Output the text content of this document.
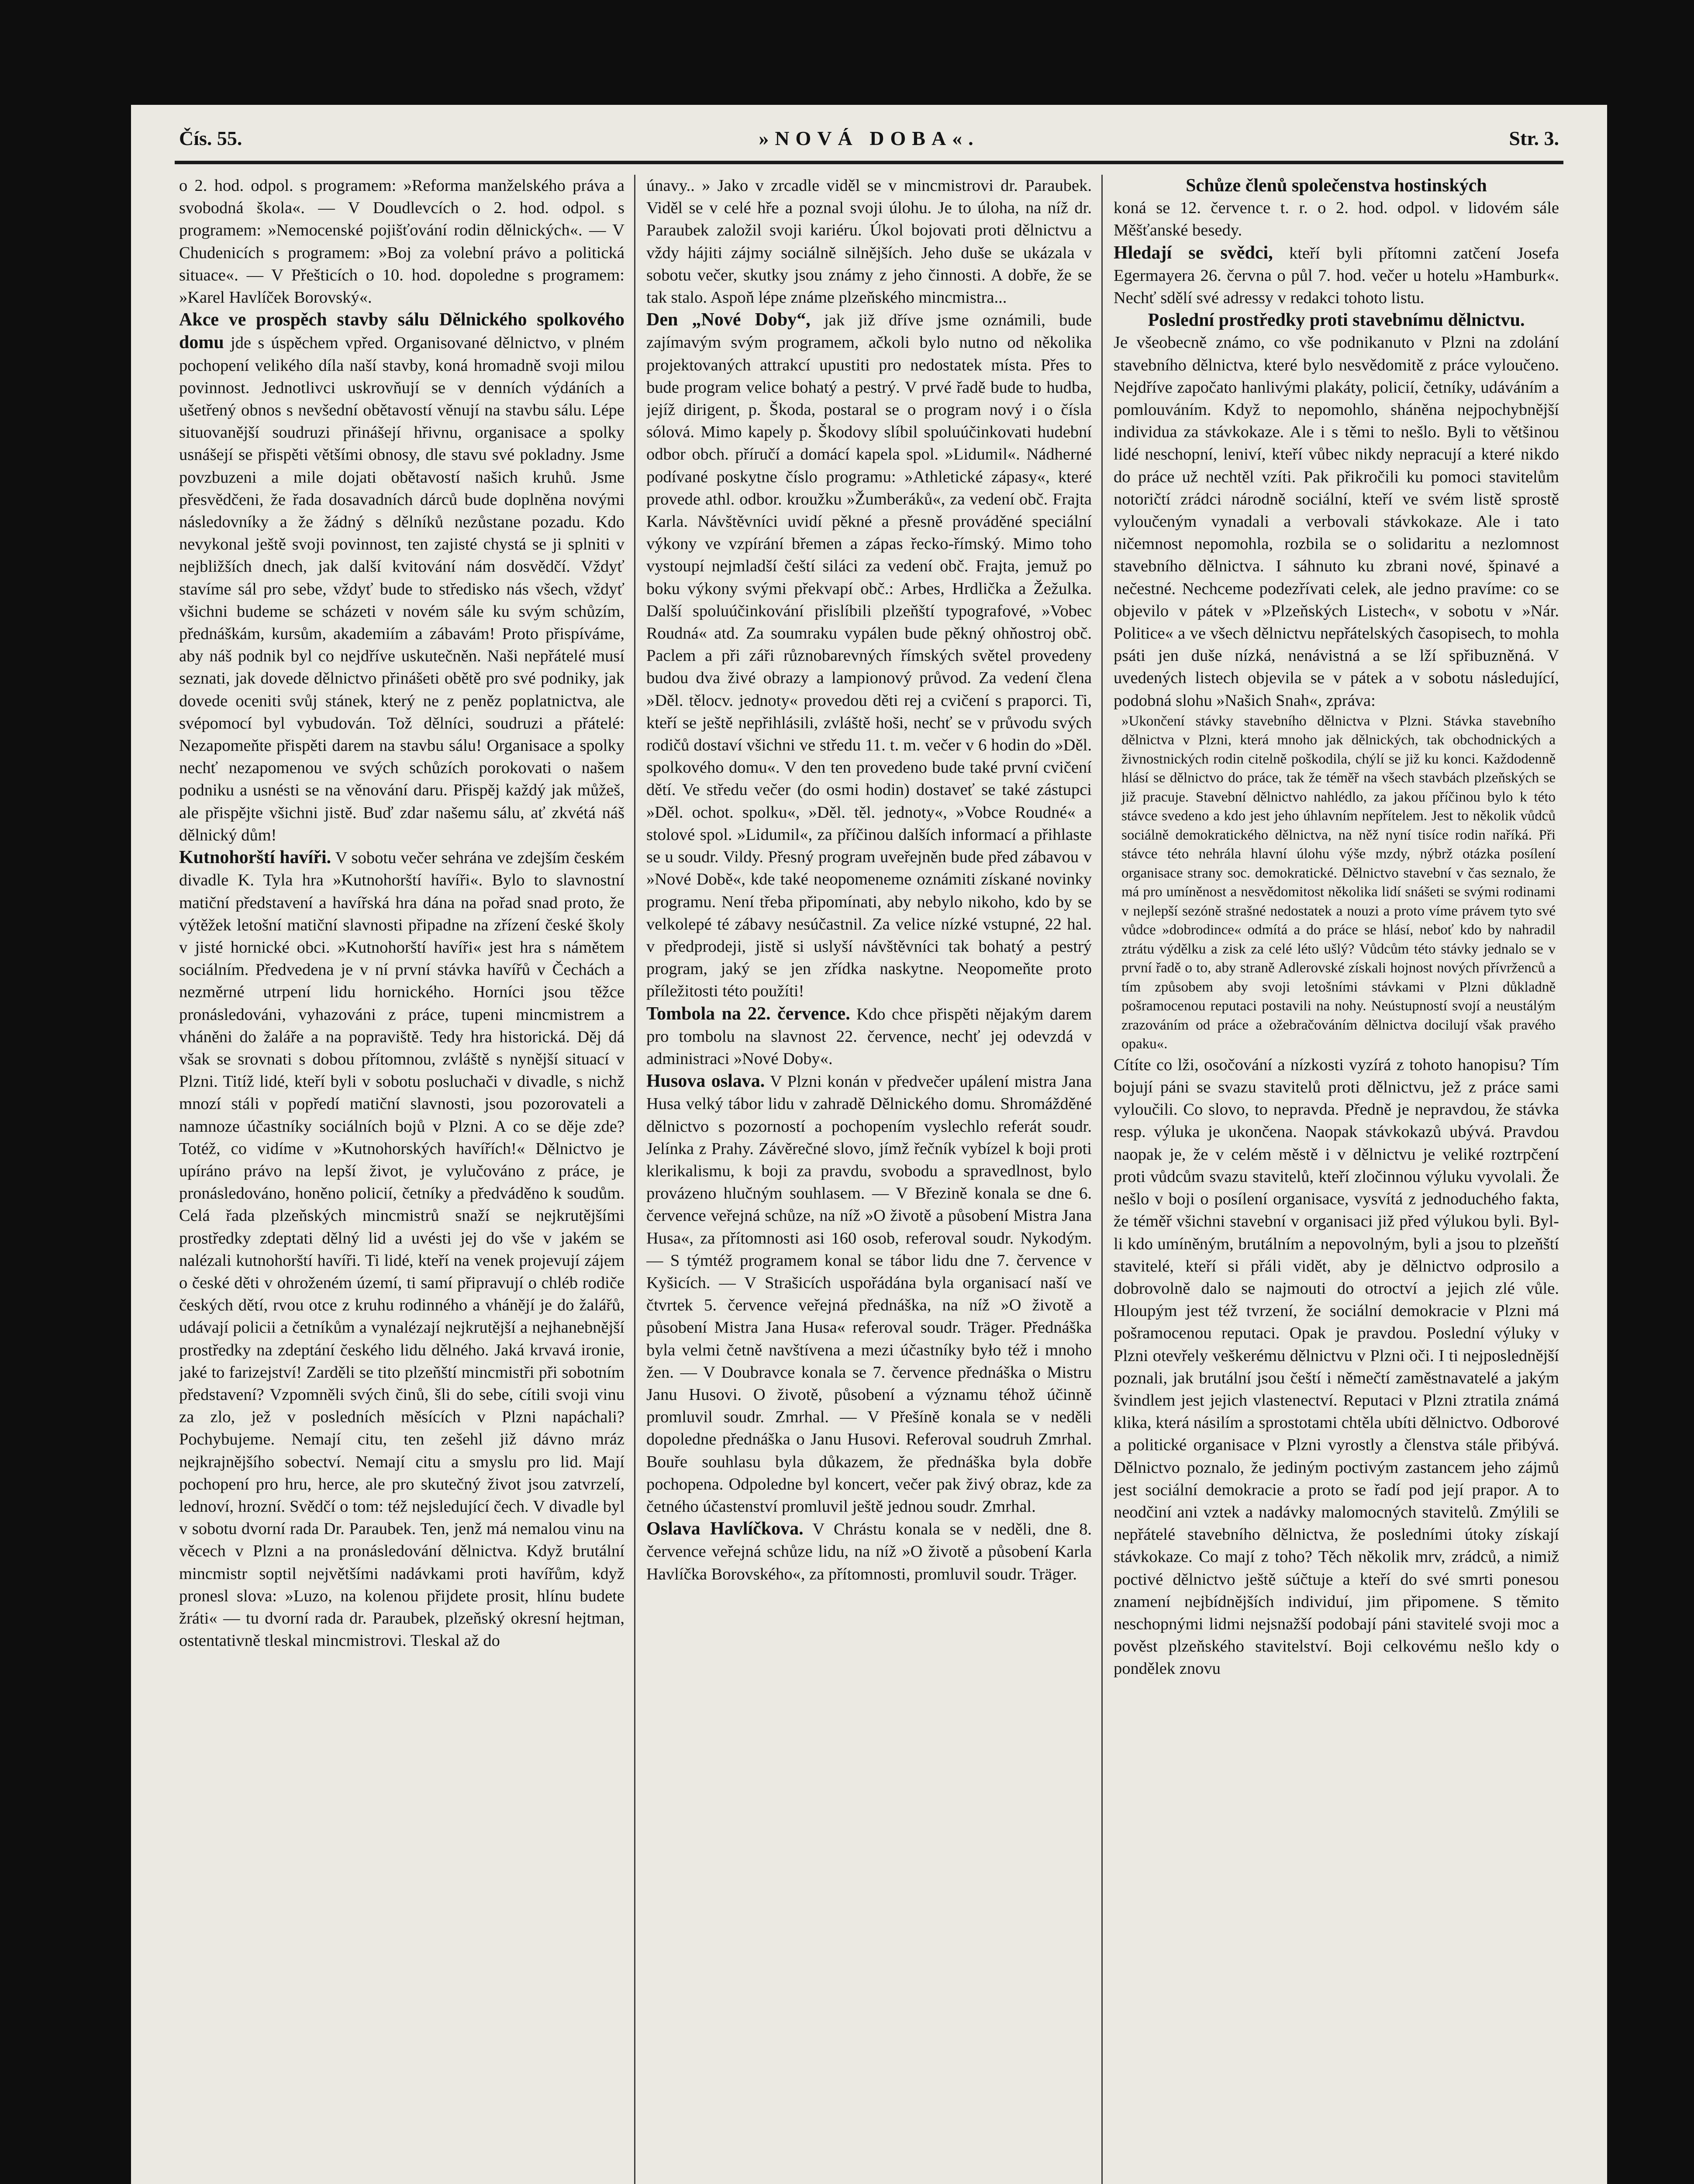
Čís. 55.	»NOVÁ DOBA«.	Str. 3.

o 2. hod. odpol. s programem: »Reforma manželského práva a svobodná škola«. — V Doudlevcích o 2. hod. odpol. s programem: »Nemocenské pojišťování rodin dělnických«. — V Chudenicích s programem: »Boj za volební právo a politická situace«. — V Přešticích o 10. hod. dopoledne s programem: »Karel Havlíček Borovský«.

Akce ve prospěch stavby sálu Dělnického spolkového domu jde s úspěchem vpřed. Organisované dělnictvo, v plném pochopení velikého díla naší stavby, koná hromadně svoji milou povinnost. Jednotlivci uskrovňují se v denních výdáních a ušetřený obnos s nevšední obětavostí věnují na stavbu sálu. Lépe situovanější soudruzi přinášejí hřivnu, organisace a spolky usnášejí se přispěti většími obnosy, dle stavu své pokladny. Jsme povzbuzeni a mile dojati obětavostí našich kruhů. Jsme přesvědčeni, že řada dosavadních dárců bude doplněna novými následovníky a že žádný s dělníků nezůstane pozadu. Kdo nevykonal ještě svoji povinnost, ten zajisté chystá se ji splniti v nejbližších dnech, jak další kvitování nám dosvědčí. Vždyť stavíme sál pro sebe, vždyť bude to středisko nás všech, vždyť všichni budeme se scházeti v novém sále ku svým schůzím, přednáškám, kursům, akademiím a zábavám! Proto přispíváme, aby náš podnik byl co nejdříve uskutečněn. Naši nepřátelé musí seznati, jak dovede dělnictvo přinášeti obětě pro své podniky, jak dovede oceniti svůj stánek, který ne z peněz poplatnictva, ale svépomocí byl vybudován. Tož dělníci, soudruzi a přátelé: Nezapomeňte přispěti darem na stavbu sálu! Organisace a spolky nechť nezapomenou ve svých schůzích porokovati o našem podniku a usnésti se na věnování daru. Přispěj každý jak můžeš, ale přispějte všichni jistě. Buď zdar našemu sálu, ať zkvétá náš dělnický dům!

Kutnohorští havíři. V sobotu večer sehrána ve zdejším českém divadle K. Tyla hra »Kutnohorští havíři«. Bylo to slavnostní matiční představení a havířská hra dána na pořad snad proto, že výtěžek letošní matiční slavnosti připadne na zřízení české školy v jisté hornické obci. »Kutnohorští havíři« jest hra s námětem sociálním. Předvedena je v ní první stávka havířů v Čechách a nezměrné utrpení lidu hornického. Horníci jsou těžce pronásledováni, vyhazováni z práce, tupeni mincmistrem a vháněni do žaláře a na popraviště. Tedy hra historická. Děj dá však se srovnati s dobou přítomnou, zvláště s nynější situací v Plzni. Titíž lidé, kteří byli v sobotu posluchači v divadle, s nichž mnozí stáli v popředí matiční slavnosti, jsou pozorovateli a namnoze účastníky sociálních bojů v Plzni. A co se děje zde? Totéž, co vidíme v »Kutnohorských havířích!« Dělnictvo je upíráno právo na lepší život, je vylučováno z práce, je pronásledováno, honěno policií, četníky a předváděno k soudům. Celá řada plzeňských mincmistrů snaží se nejkrutějšími prostředky zdeptati dělný lid a uvésti jej do vše v jakém se nalézali kutnohorští havíři. Ti lidé, kteří na venek projevují zájem o české děti v ohroženém území, ti samí připravují o chléb rodiče českých dětí, rvou otce z kruhu rodinného a vhánějí je do žalářů, udávají policii a četníkům a vynalézají nejkrutější a nejhanebnější prostředky na zdeptání českého lidu dělného. Jaká krvavá ironie, jaké to farizejství! Zarděli se tito plzeňští mincmistři při sobotním představení? Vzpomněli svých činů, šli do sebe, cítili svoji vinu za zlo, jež v posledních měsících v Plzni napáchali? Pochybujeme. Nemají citu, ten zešehl již dávno mráz nejkrajnějšího sobectví. Nemají citu a smyslu pro lid. Mají pochopení pro hru, herce, ale pro skutečný život jsou zatvrzelí, lednoví, hrozní. Svědčí o tom: též nejsledující čech. V divadle byl v sobotu dvorní rada Dr. Paraubek. Ten, jenž má nemalou vinu na věcech v Plzni a na pronásledování dělnictva. Když brutální mincmistr soptil největšími nadávkami proti havířům, když pronesl slova: »Luzo, na kolenou přijdete prosit, hlínu budete žráti« — tu dvorní rada dr. Paraubek, plzeňský okresní hejtman, ostentativně tleskal mincmistrovi. Tleskal až do

únavy.. » Jako v zrcadle viděl se v mincmistrovi dr. Paraubek. Viděl se v celé hře a poznal svoji úlohu. Je to úloha, na níž dr. Paraubek založil svoji kariéru. Úkol bojovati proti dělnictvu a vždy hájiti zájmy sociálně silnějších. Jeho duše se ukázala v sobotu večer, skutky jsou známy z jeho činnosti. A dobře, že se tak stalo. Aspoň lépe známe plzeňského mincmistra...

Den „Nové Doby“, jak již dříve jsme oznámili, bude zajímavým svým programem, ačkoli bylo nutno od několika projektovaných attrakcí upustiti pro nedostatek místa. Přes to bude program velice bohatý a pestrý. V prvé řadě bude to hudba, jejíž dirigent, p. Škoda, postaral se o program nový i o čísla sólová. Mimo kapely p. Škodovy slíbil spoluúčinkovati hudební odbor obch. příručí a domácí kapela spol. »Lidumil«. Nádherné podívané poskytne číslo programu: »Athletické zápasy«, které provede athl. odbor. kroužku »Žumberáků«, za vedení obč. Frajta Karla. Návštěvníci uvidí pěkné a přesně prováděné speciální výkony ve vzpírání břemen a zápas řecko-římský. Mimo toho vystoupí nejmladší čeští siláci za vedení obč. Frajta, jemuž po boku výkony svými překvapí obč.: Arbes, Hrdlička a Žežulka. Další spoluúčinkování přislíbili plzeňští typografové, »Vobec Roudná« atd. Za soumraku vypálen bude pěkný ohňostroj obč. Paclem a při záři různobarevných římských světel provedeny budou dva živé obrazy a lampionový průvod. Za vedení člena »Děl. tělocv. jednoty« provedou děti rej a cvičení s praporci. Ti, kteří se ještě nepřihlásili, zvláště hoši, nechť se v průvodu svých rodičů dostaví všichni ve středu 11. t. m. večer v 6 hodin do »Děl. spolkového domu«. V den ten provedeno bude také první cvičení dětí. Ve středu večer (do osmi hodin) dostaveť se také zástupci »Děl. ochot. spolku«, »Děl. těl. jednoty«, »Vobce Roudné« a stolové spol. »Lidumil«, za příčinou dalších informací a přihlaste se u soudr. Vildy. Přesný program uveřejněn bude před zábavou v »Nové Době«, kde také neopomeneme oznámiti získané novinky programu. Není třeba připomínati, aby nebylo nikoho, kdo by se velkolepé té zábavy nesúčastnil. Za velice nízké vstupné, 22 hal. v předprodeji, jistě si uslyší návštěvníci tak bohatý a pestrý program, jaký se jen zřídka naskytne. Neopomeňte proto příležitosti této použíti!

Tombola na 22. července. Kdo chce přispěti nějakým darem pro tombolu na slavnost 22. července, nechť jej odevzdá v administraci »Nové Doby«.

Husova oslava. V Plzni konán v předvečer upálení mistra Jana Husa velký tábor lidu v zahradě Dělnického domu. Shromážděné dělnictvo s pozorností a pochopením vyslechlo referát soudr. Jelínka z Prahy. Závěrečné slovo, jímž řečník vybízel k boji proti klerikalismu, k boji za pravdu, svobodu a spravedlnost, bylo provázeno hlučným souhlasem. — V Březině konala se dne 6. července veřejná schůze, na níž »O životě a působení Mistra Jana Husa«, za přítomnosti asi 160 osob, referoval soudr. Nykodým. — S týmtéž programem konal se tábor lidu dne 7. července v Kyšicích. — V Strašicích uspořádána byla organisací naší ve čtvrtek 5. července veřejná přednáška, na níž »O životě a působení Mistra Jana Husa« referoval soudr. Träger. Přednáška byla velmi četně navštívena a mezi účastníky było též i mnoho žen. — V Doubravce konala se 7. července přednáška o Mistru Janu Husovi. O životě, působení a významu téhož účinně promluvil soudr. Zmrhal. — V Přešíně konala se v neděli dopoledne přednáška o Janu Husovi. Referoval soudruh Zmrhal. Bouře souhlasu byla důkazem, že přednáška byla dobře pochopena. Odpoledne byl koncert, večer pak živý obraz, kde za četného účastenství promluvil ještě jednou soudr. Zmrhal.

Oslava Havlíčkova. V Chrástu konala se v neděli, dne 8. července veřejná schůze lidu, na níž »O životě a působení Karla Havlíčka Borovského«, za přítomnosti, promluvil soudr. Träger.

Schůze členů společenstva hostinských
koná se 12. července t. r. o 2. hod. odpol. v lidovém sále Měšťanské besedy.

Hledají se svědci, kteří byli přítomni zatčení Josefa Egermayera 26. června o půl 7. hod. večer u hotelu »Hamburk«. Nechť sdělí své adressy v redakci tohoto listu.

Poslední prostředky proti stavebnímu dělnictvu.
Je všeobecně známo, co vše podnikanuto v Plzni na zdolání stavebního dělnictva, které bylo nesvědomitě z práce vyloučeno. Nejdříve započato hanlivými plakáty, policií, četníky, udáváním a pomlouváním. Když to nepomohlo, sháněna nejpochybnější individua za stávkokaze. Ale i s těmi to nešlo. Byli to většinou lidé neschopní, leniví, kteří vůbec nikdy nepracují a které nikdo do práce už nechtěl vzíti. Pak přikročili ku pomoci stavitelům notoričtí zrádci národně sociální, kteří ve svém listě sprostě vyloučeným vynadali a verbovali stávkokaze. Ale i tato ničemnost nepomohla, rozbila se o solidaritu a nezlomnost stavebního dělnictva. I sáhnuto ku zbrani nové, špinavé a nečestné. Nechceme podezřívati celek, ale jedno pravíme: co se objevilo v pátek v »Plzeňských Listech«, v sobotu v »Nár. Politice« a ve všech dělnictvu nepřátelských časopisech, to mohla psáti jen duše nízká, nenávistná a se lží spřibuzněná. V uvedených listech objevila se v pátek a v sobotu následující, podobná slohu »Našich Snah«, zpráva:

»Ukončení stávky stavebního dělnictva v Plzni. Stávka stavebního dělnictva v Plzni, která mnoho jak dělnických, tak obchodnických a živnostnických rodin citelně poškodila, chýlí se již ku konci. Každodenně hlásí se dělnictvo do práce, tak že téměř na všech stavbách plzeňských se již pracuje. Stavební dělnictvo nahlédlo, za jakou příčinou bylo k této stávce svedeno a kdo jest jeho úhlavním nepřítelem. Jest to několik vůdců sociálně demokratického dělnictva, na něž nyní tisíce rodin naříká. Při stávce této nehrála hlavní úlohu výše mzdy, nýbrž otázka posílení organisace strany soc. demokratické. Dělnictvo stavební v čas seznalo, že má pro umíněnost a nesvědomitost několika lidí snášeti se svými rodinami v nejlepší sezóně strašné nedostatek a nouzi a proto víme právem tyto své vůdce »dobrodince« odmítá a do práce se hlásí, neboť kdo by nahradil ztrátu výdělku a zisk za celé léto ušlý? Vůdcům této stávky jednalo se v první řadě o to, aby straně Adlerovské získali hojnost nových přívrženců a tím způsobem aby svoji letošními stávkami v Plzni důkladně pošramocenou reputaci postavili na nohy. Neústupností svojí a neustálým zrazováním od práce a ožebračováním dělnictva docilují však pravého opaku«.

Cítíte co lži, osočování a nízkosti vyzírá z tohoto hanopisu? Tím bojují páni se svazu stavitelů proti dělnictvu, jež z práce sami vyloučili. Co slovo, to nepravda. Předně je nepravdou, že stávka resp. výluka je ukončena. Naopak stávkokazů ubývá. Pravdou naopak je, že v celém městě i v dělnictvu je veliké roztrpčení proti vůdcům svazu stavitelů, kteří zločinnou výluku vyvolali. Že nešlo v boji o posílení organisace, vysvítá z jednoduchého fakta, že téměř všichni stavební v organisaci již před výlukou byli. Byl-li kdo umíněným, brutálním a nepovolným, byli a jsou to plzeňští stavitelé, kteří si přáli vidět, aby je dělnictvo odprosilo a dobrovolně dalo se najmouti do otroctví a jejich zlé vůle. Hloupým jest též tvrzení, že sociální demokracie v Plzni má pošramocenou reputaci. Opak je pravdou. Poslední výluky v Plzni otevřely veškerému dělnictvu v Plzni oči. I ti nejposlednější poznali, jak brutální jsou čeští i němečtí zaměstnavatelé a jakým švindlem jest jejich vlastenectví. Reputaci v Plzni ztratila známá klika, která násilím a sprostotami chtěla ubíti dělnictvo. Odborové a politické organisace v Plzni vyrostly a členstva stále přibývá. Dělnictvo poznalo, že jediným poctivým zastancem jeho zájmů jest sociální demokracie a proto se řadí pod její prapor. A to neodčiní ani vztek a nadávky malomocných stavitelů. Zmýlili se nepřátelé stavebního dělnictva, že posledními útoky získají stávkokaze. Co mají z toho? Těch několik mrv, zrádců, a nimiž poctivé dělnictvo ještě súčtuje a kteří do své smrti ponesou znamení nejbídnějších individuí, jim připomene. S těmito neschopnými lidmi nejsnažší podobají páni stavitelé svoji moc a pověst plzeňského stavitelství. Boji celkovému nešlo kdy o pondělek znovu
